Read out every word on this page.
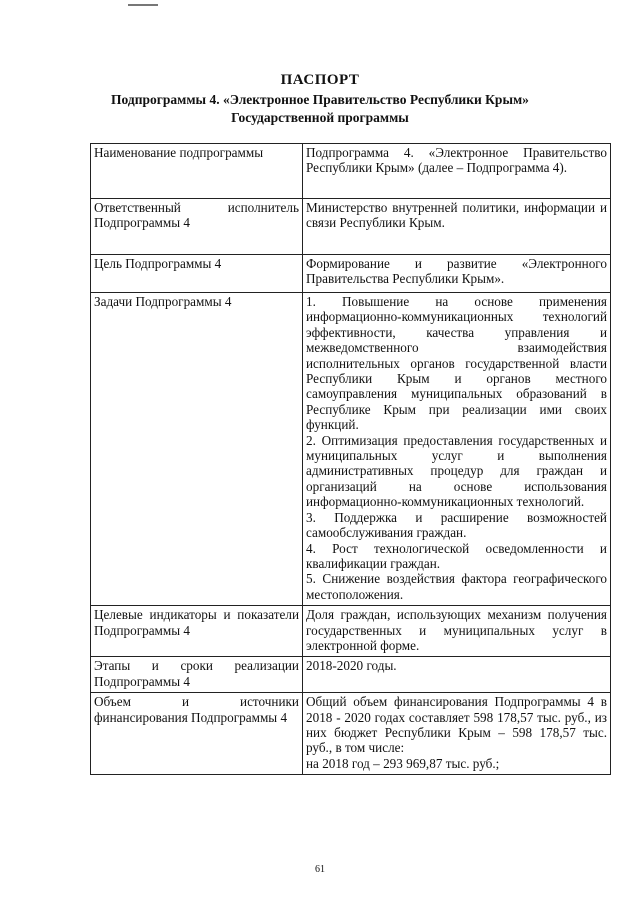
ПАСПОРТ
Подпрограммы 4. «Электронное Правительство Республики Крым»
Государственной программы
Наименование подпрограммы	Подпрограмма 4. «Электронное Правительство Республики Крым» (далее – Подпрограмма 4).
Ответственный исполнитель Подпрограммы 4	Министерство внутренней политики, информации и связи Республики Крым.
Цель Подпрограммы 4	Формирование и развитие «Электронного Правительства Республики Крым».
Задачи Подпрограммы 4	1. Повышение на основе применения информационно-коммуникационных технологий эффективности, качества управления и межведомственного взаимодействия исполнительных органов государственной власти Республики Крым и органов местного самоуправления муниципальных образований в Республике Крым при реализации ими своих функций.

2. Оптимизация предоставления государственных и муниципальных услуг и выполнения административных процедур для граждан и организаций на основе использования информационно-коммуникационных технологий.

3. Поддержка и расширение возможностей самообслуживания граждан.

4. Рост технологической осведомленности и квалификации граждан.

5. Снижение воздействия фактора географического местоположения.

Целевые индикаторы и показатели Подпрограммы 4	Доля граждан, использующих механизм получения государственных и муниципальных услуг в электронной форме.
Этапы и сроки реализации Подпрограммы 4	2018-2020 годы.
Объем и источники финансирования Подпрограммы 4	Общий объем финансирования Подпрограммы 4 в 2018 - 2020 годах составляет 598 178,57 тыс. руб., из них бюджет Республики Крым – 598 178,57 тыс. руб., в том числе:

на 2018 год – 293 969,87 тыс. руб.;

61
